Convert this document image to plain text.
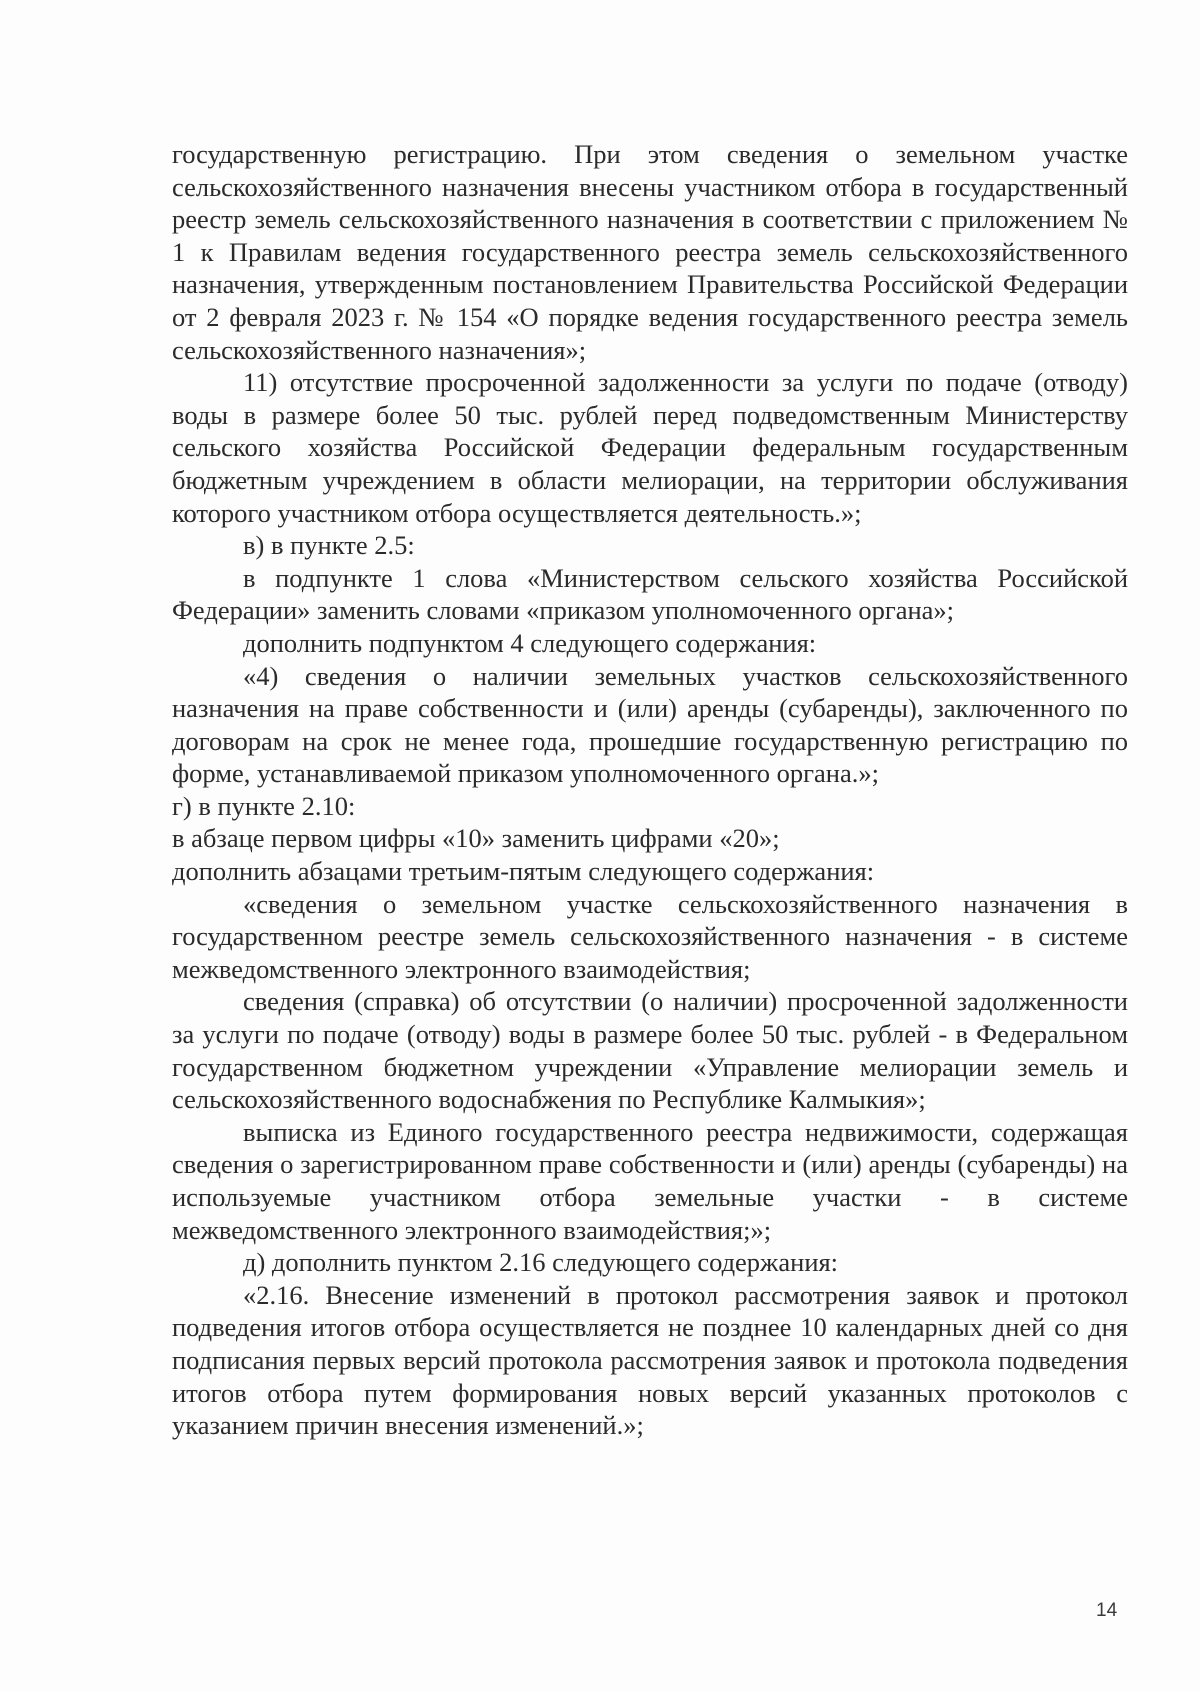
государственную регистрацию. При этом сведения о земельном участке сельскохозяйственного назначения внесены участником отбора в государственный реестр земель сельскохозяйственного назначения в соответствии с приложением № 1 к Правилам ведения государственного реестра земель сельскохозяйственного назначения, утвержденным постановлением Правительства Российской Федерации от 2 февраля 2023 г. № 154 «О порядке ведения государственного реестра земель сельскохозяйственного назначения»;

11) отсутствие просроченной задолженности за услуги по подаче (отводу) воды в размере более 50 тыс. рублей перед подведомственным Министерству сельского хозяйства Российской Федерации федеральным государственным бюджетным учреждением в области мелиорации, на территории обслуживания которого участником отбора осуществляется деятельность.»;

в) в пункте 2.5:

в подпункте 1 слова «Министерством сельского хозяйства Российской Федерации» заменить словами «приказом уполномоченного органа»;

дополнить подпунктом 4 следующего содержания:

«4) сведения о наличии земельных участков сельскохозяйственного назначения на праве собственности и (или) аренды (субаренды), заключенного по договорам на срок не менее года, прошедшие государственную регистрацию по форме, устанавливаемой приказом уполномоченного органа.»;

г) в пункте 2.10:

в абзаце первом цифры «10» заменить цифрами «20»;

дополнить абзацами третьим-пятым следующего содержания:

«сведения о земельном участке сельскохозяйственного назначения в государственном реестре земель сельскохозяйственного назначения - в системе межведомственного электронного взаимодействия;

сведения (справка) об отсутствии (о наличии) просроченной задолженности за услуги по подаче (отводу) воды в размере более 50 тыс. рублей - в Федеральном государственном бюджетном учреждении «Управление мелиорации земель и сельскохозяйственного водоснабжения по Республике Калмыкия»;

выписка из Единого государственного реестра недвижимости, содержащая сведения о зарегистрированном праве собственности и (или) аренды (субаренды) на используемые участником отбора земельные участки - в системе межведомственного электронного взаимодействия;»;

д) дополнить пунктом 2.16 следующего содержания:

«2.16. Внесение изменений в протокол рассмотрения заявок и протокол подведения итогов отбора осуществляется не позднее 10 календарных дней со дня подписания первых версий протокола рассмотрения заявок и протокола подведения итогов отбора путем формирования новых версий указанных протоколов с указанием причин внесения изменений.»;

14
